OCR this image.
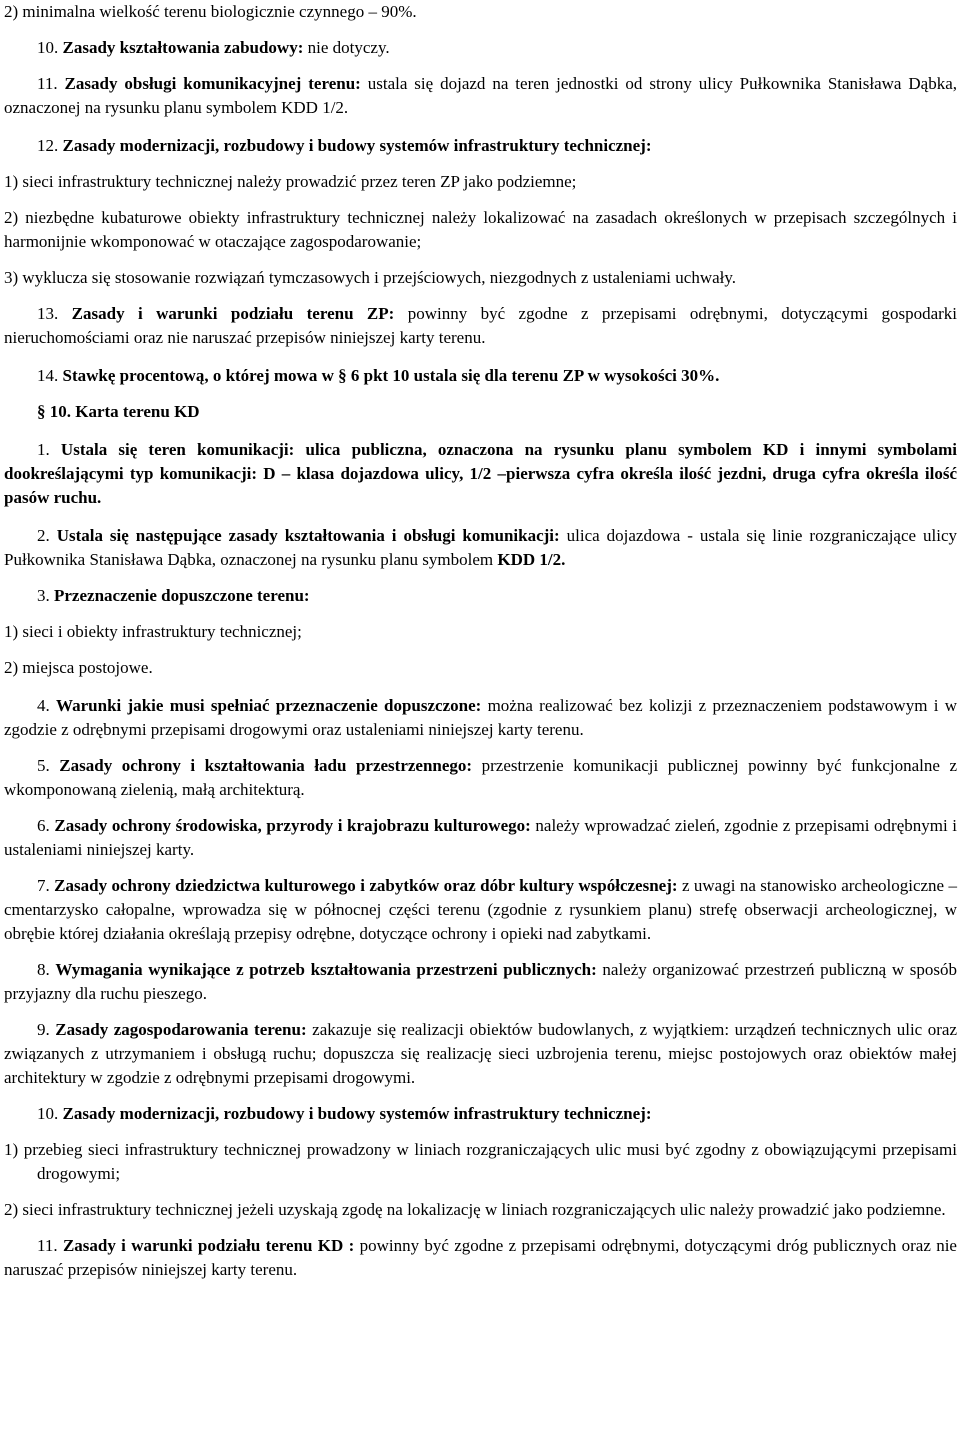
2) minimalna wielkość terenu biologicznie czynnego – 90%.

10. Zasady kształtowania zabudowy: nie dotyczy.

11. Zasady obsługi komunikacyjnej terenu: ustala się dojazd na teren jednostki od strony ulicy Pułkownika Stanisława Dąbka, oznaczonej na rysunku planu symbolem KDD 1/2.

12. Zasady modernizacji, rozbudowy i budowy systemów infrastruktury technicznej:

1) sieci infrastruktury technicznej należy prowadzić przez teren ZP jako podziemne;

2) niezbędne kubaturowe obiekty infrastruktury technicznej należy lokalizować na zasadach określonych w przepisach szczególnych i harmonijnie wkomponować w otaczające zagospodarowanie;

3) wyklucza się stosowanie rozwiązań tymczasowych i przejściowych, niezgodnych z ustaleniami uchwały.

13. Zasady i warunki podziału terenu ZP: powinny być zgodne z przepisami odrębnymi, dotyczącymi gospodarki nieruchomościami oraz nie naruszać przepisów niniejszej karty terenu.

14. Stawkę procentową, o której mowa w § 6 pkt 10 ustala się dla terenu ZP w wysokości 30%.

§ 10. Karta terenu KD

1. Ustala się teren komunikacji: ulica publiczna, oznaczona na rysunku planu symbolem KD i innymi symbolami dookreślającymi typ komunikacji: D – klasa dojazdowa ulicy, 1/2 –pierwsza cyfra określa ilość jezdni, druga cyfra określa ilość pasów ruchu.

2. Ustala się następujące zasady kształtowania i obsługi komunikacji: ulica dojazdowa - ustala się linie rozgraniczające ulicy Pułkownika Stanisława Dąbka, oznaczonej na rysunku planu symbolem KDD 1/2.

3. Przeznaczenie dopuszczone terenu:

1) sieci i obiekty infrastruktury technicznej;

2) miejsca postojowe.

4. Warunki jakie musi spełniać przeznaczenie dopuszczone: można realizować bez kolizji z przeznaczeniem podstawowym i w zgodzie z odrębnymi przepisami drogowymi oraz ustaleniami niniejszej karty terenu.

5. Zasady ochrony i kształtowania ładu przestrzennego: przestrzenie komunikacji publicznej powinny być funkcjonalne z wkomponowaną zielenią, małą architekturą.

6. Zasady ochrony środowiska, przyrody i krajobrazu kulturowego: należy wprowadzać zieleń, zgodnie z przepisami odrębnymi i ustaleniami niniejszej karty.

7. Zasady ochrony dziedzictwa kulturowego i zabytków oraz dóbr kultury współczesnej: z uwagi na stanowisko archeologiczne – cmentarzysko całopalne, wprowadza się w północnej części terenu (zgodnie z rysunkiem planu) strefę obserwacji archeologicznej, w obrębie której działania określają przepisy odrębne, dotyczące ochrony i opieki nad zabytkami.

8. Wymagania wynikające z potrzeb kształtowania przestrzeni publicznych: należy organizować przestrzeń publiczną w sposób przyjazny dla ruchu pieszego.

9. Zasady zagospodarowania terenu: zakazuje się realizacji obiektów budowlanych, z wyjątkiem: urządzeń technicznych ulic oraz związanych z utrzymaniem i obsługą ruchu; dopuszcza się realizację sieci uzbrojenia terenu, miejsc postojowych oraz obiektów małej architektury w zgodzie z odrębnymi przepisami drogowymi.

10. Zasady modernizacji, rozbudowy i budowy systemów infrastruktury technicznej:

1) przebieg sieci infrastruktury technicznej prowadzony w liniach rozgraniczających ulic musi być zgodny z obowiązującymi przepisami drogowymi;

2) sieci infrastruktury technicznej jeżeli uzyskają zgodę na lokalizację w liniach rozgraniczających ulic należy prowadzić jako podziemne.

11. Zasady i warunki podziału terenu KD : powinny być zgodne z przepisami odrębnymi, dotyczącymi dróg publicznych oraz nie naruszać przepisów niniejszej karty terenu.
